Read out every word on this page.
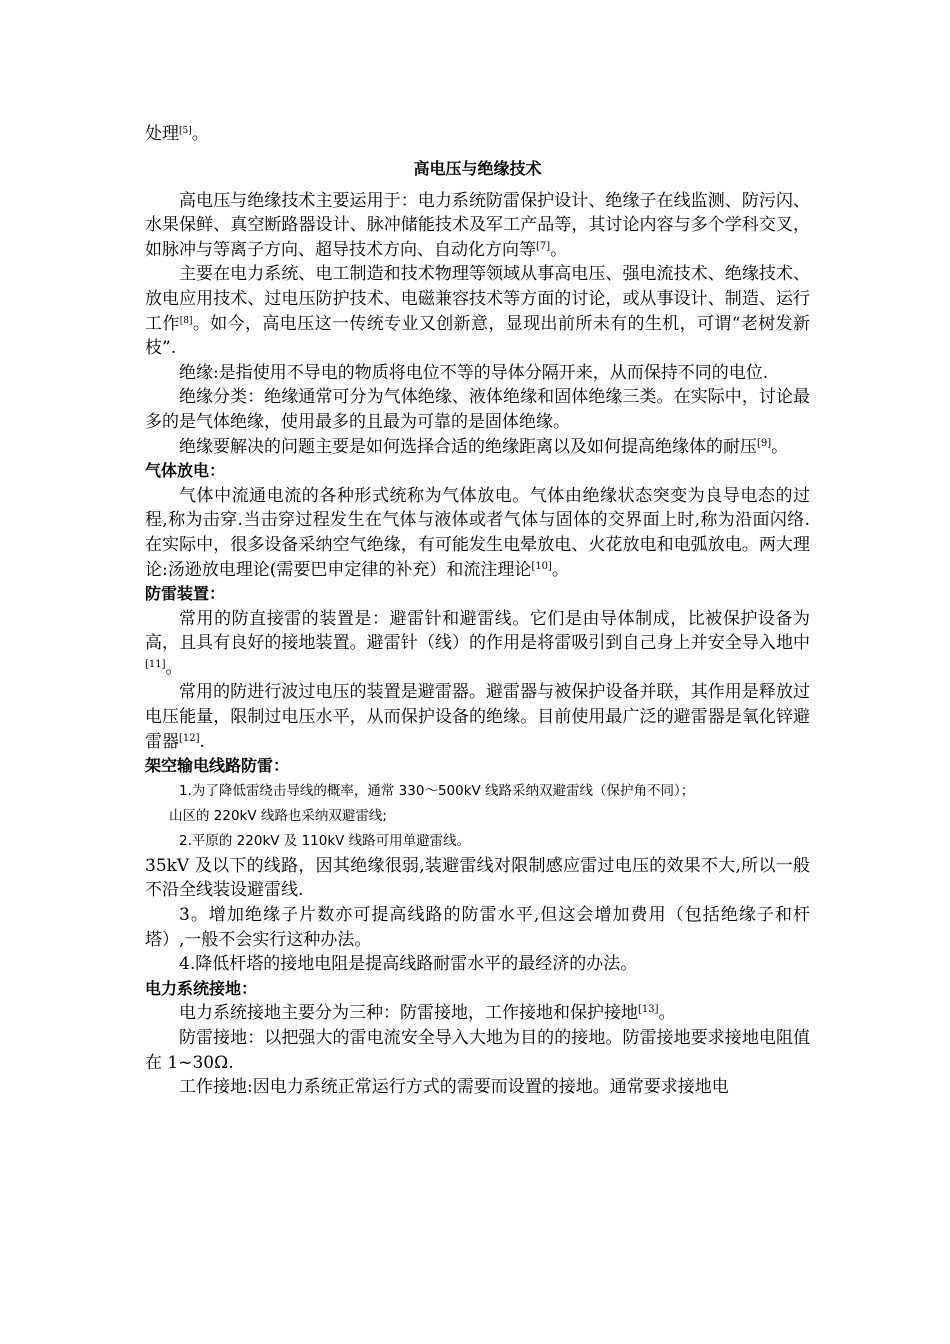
处理[5]。

高电压与绝缘技术

高电压与绝缘技术主要运用于：电力系统防雷保护设计、绝缘子在线监测、防污闪、水果保鲜、真空断路器设计、脉冲储能技术及军工产品等，其讨论内容与多个学科交叉，如脉冲与等离子方向、超导技术方向、自动化方向等[7]。

主要在电力系统、电工制造和技术物理等领域从事高电压、强电流技术、绝缘技术、放电应用技术、过电压防护技术、电磁兼容技术等方面的讨论，或从事设计、制造、运行工作[8]。如今，高电压这一传统专业又创新意，显现出前所未有的生机，可谓“老树发新枝”.

绝缘:是指使用不导电的物质将电位不等的导体分隔开来，从而保持不同的电位.

绝缘分类：绝缘通常可分为气体绝缘、液体绝缘和固体绝缘三类。在实际中，讨论最多的是气体绝缘，使用最多的且最为可靠的是固体绝缘。

绝缘要解决的问题主要是如何选择合适的绝缘距离以及如何提高绝缘体的耐压[9]。

气体放电：

气体中流通电流的各种形式统称为气体放电。气体由绝缘状态突变为良导电态的过程,称为击穿.当击穿过程发生在气体与液体或者气体与固体的交界面上时,称为沿面闪络.在实际中，很多设备采纳空气绝缘，有可能发生电晕放电、火花放电和电弧放电。两大理论:汤逊放电理论(需要巴申定律的补充）和流注理论[10]。

防雷装置：

常用的防直接雷的装置是：避雷针和避雷线。它们是由导体制成，比被保护设备为高，且具有良好的接地装置。避雷针（线）的作用是将雷吸引到自己身上并安全导入地中[11]。

常用的防进行波过电压的装置是避雷器。避雷器与被保护设备并联，其作用是释放过电压能量，限制过电压水平，从而保护设备的绝缘。目前使用最广泛的避雷器是氧化锌避雷器[12].

架空输电线路防雷：
1.为了降低雷绕击导线的概率，通常 330～500kV 线路采纳双避雷线（保护角不同）；
山区的 220kV 线路也采纳双避雷线;
2.平原的 220kV 及 110kV 线路可用单避雷线。

35kV 及以下的线路，因其绝缘很弱,装避雷线对限制感应雷过电压的效果不大,所以一般不沿全线装设避雷线.

3。增加绝缘子片数亦可提高线路的防雷水平,但这会增加费用（包括绝缘子和杆塔）,一般不会实行这种办法。

4.降低杆塔的接地电阻是提高线路耐雷水平的最经济的办法。

电力系统接地：

电力系统接地主要分为三种：防雷接地，工作接地和保护接地[13]。

防雷接地：以把强大的雷电流安全导入大地为目的的接地。防雷接地要求接地电阻值在 1~30Ω.

工作接地:因电力系统正常运行方式的需要而设置的接地。通常要求接地电
